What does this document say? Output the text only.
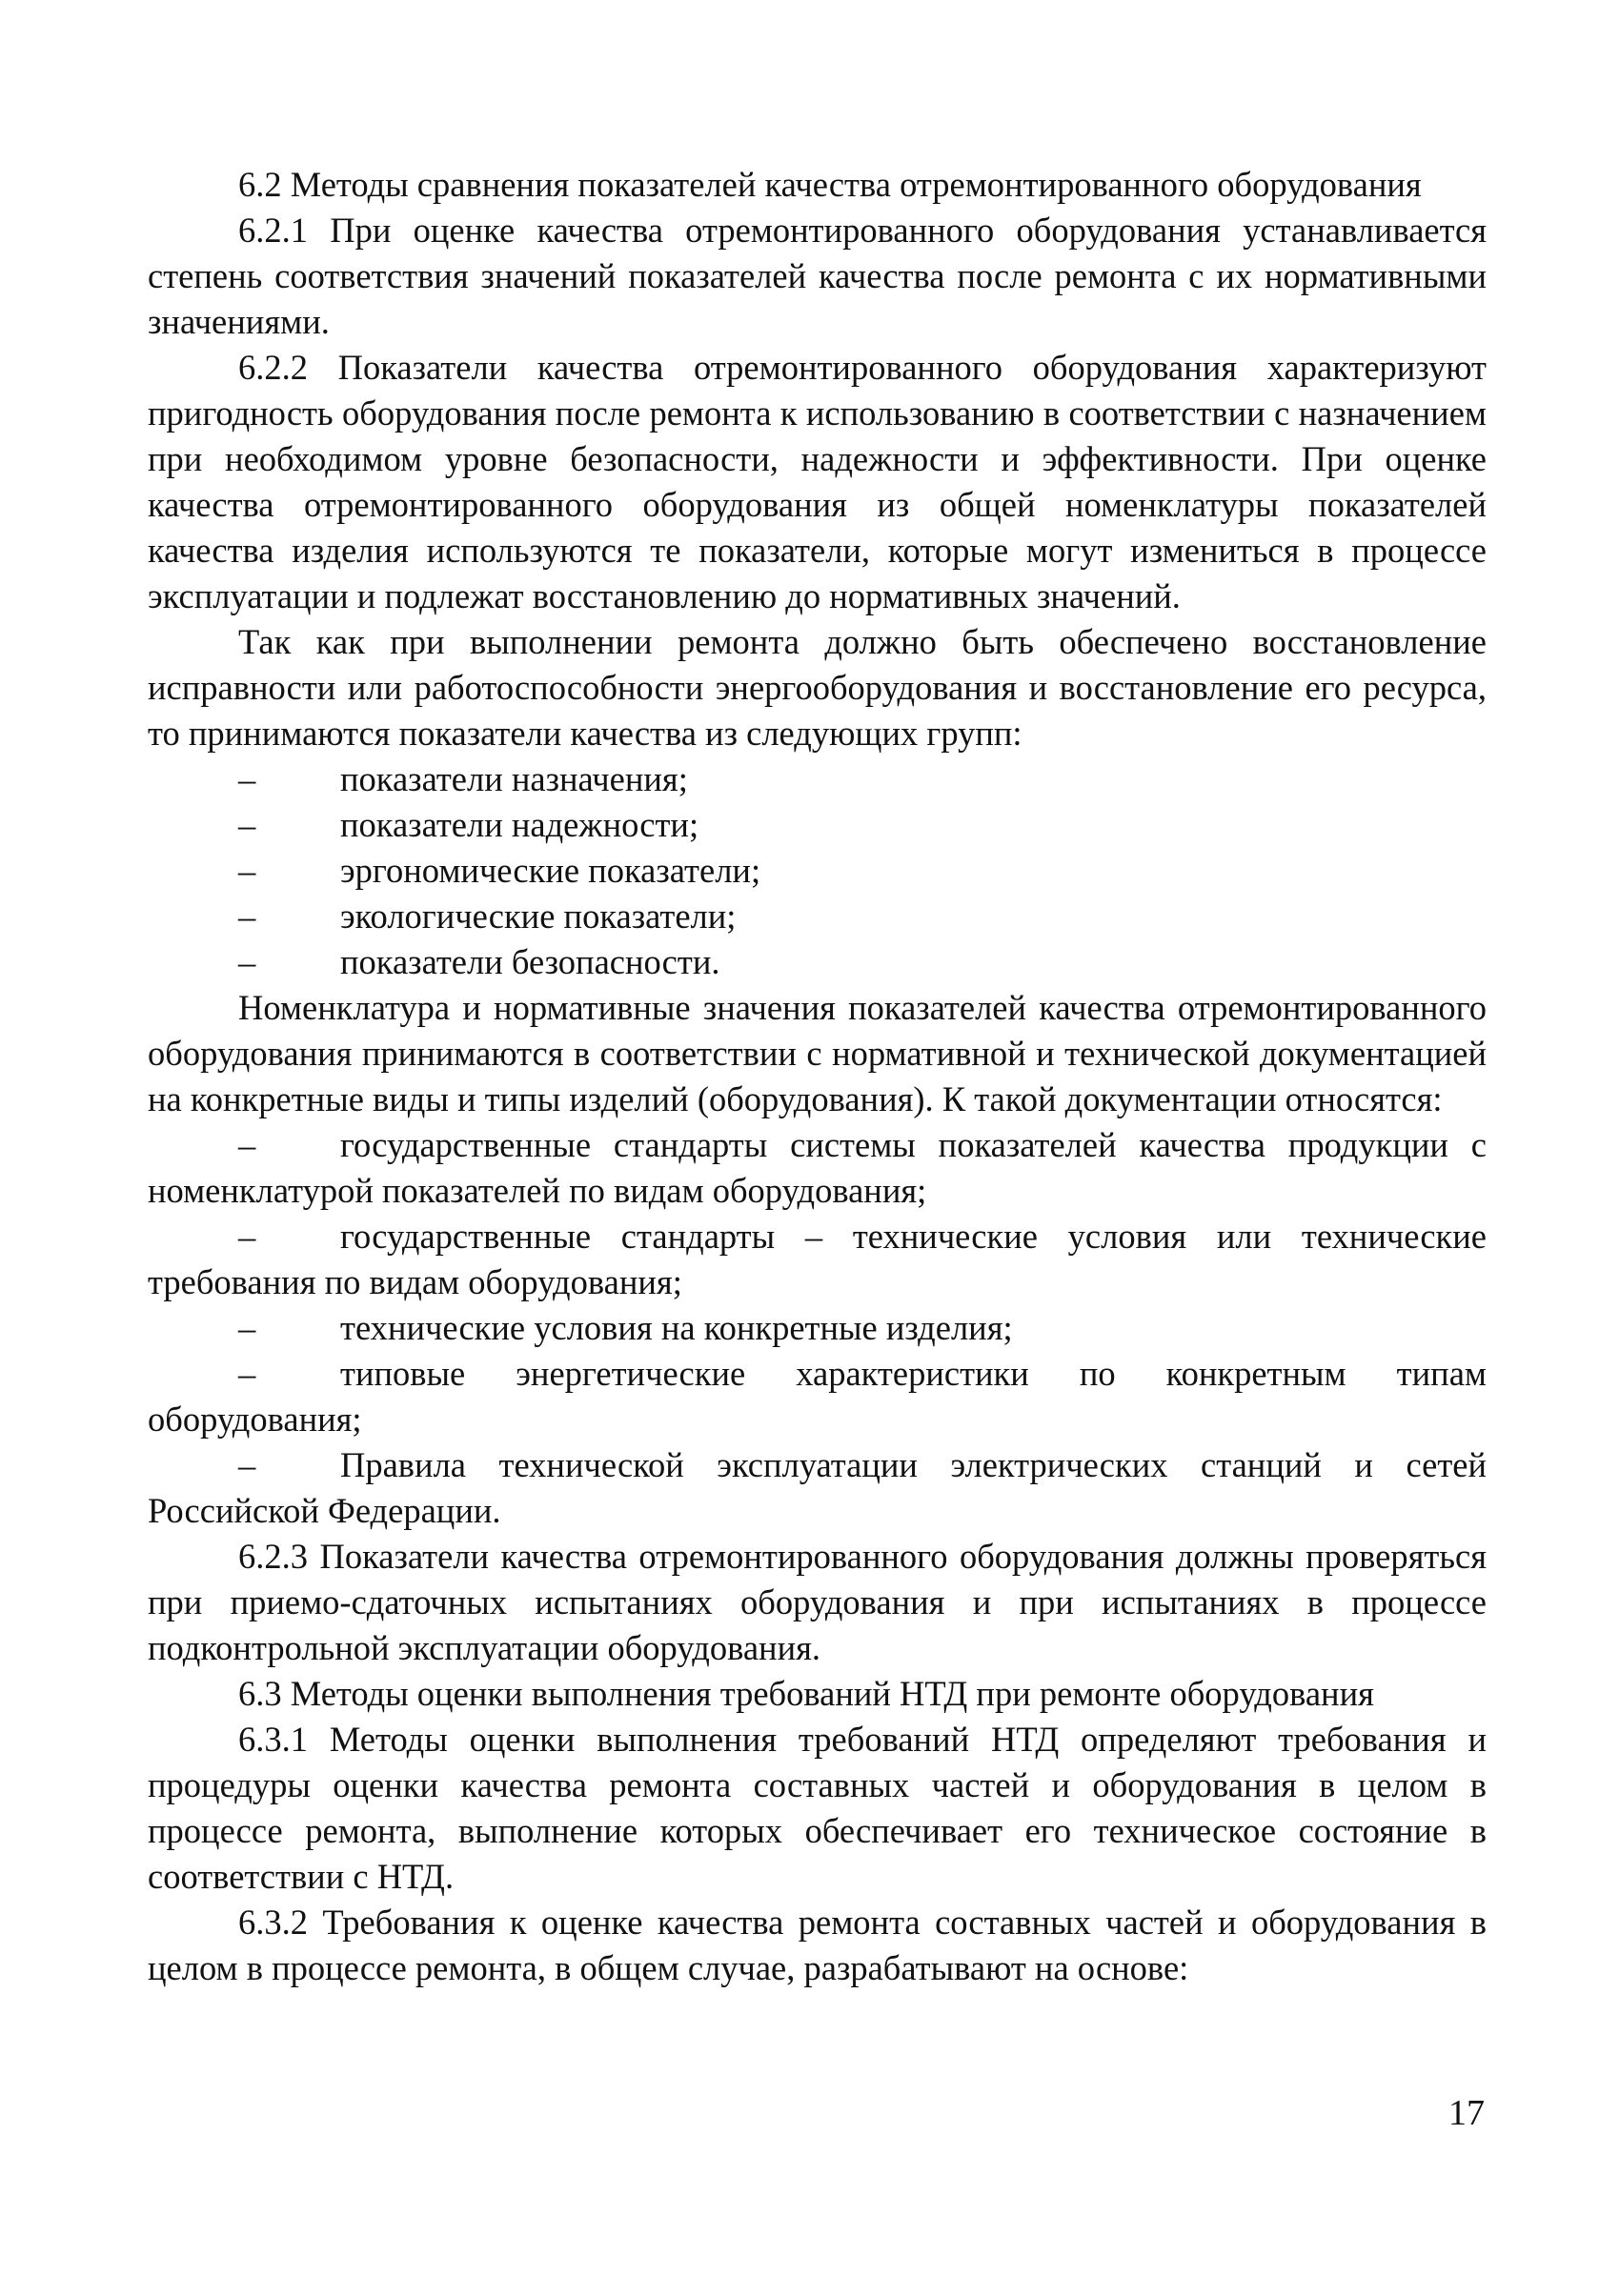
6.2 Методы сравнения показателей качества отремонтированного оборудования

6.2.1 При оценке качества отремонтированного оборудования устанавливается степень соответствия значений показателей качества после ремонта с их нормативными значениями.

6.2.2 Показатели качества отремонтированного оборудования характеризуют пригодность оборудования после ремонта к использованию в соответствии с назначением при необходимом уровне безопасности, надежности и эффективности. При оценке качества отремонтированного оборудования из общей номенклатуры показателей качества изделия используются те показатели, которые могут измениться в процессе эксплуатации и подлежат восстановлению до нормативных значений.

Так как при выполнении ремонта должно быть обеспечено восстановление исправности или работоспособности энергооборудования и восстановление его ресурса, то принимаются показатели качества из следующих групп:

– показатели назначения;

– показатели надежности;

– эргономические показатели;

– экологические показатели;

– показатели безопасности.

Номенклатура и нормативные значения показателей качества отремонтированного оборудования принимаются в соответствии с нормативной и технической документацией на конкретные виды и типы изделий (оборудования). К такой документации относятся:

– государственные стандарты системы показателей качества продукции с номенклатурой показателей по видам оборудования;

– государственные стандарты – технические условия или технические требования по видам оборудования;

– технические условия на конкретные изделия;

– типовые энергетические характеристики по конкретным типам оборудования;

– Правила технической эксплуатации электрических станций и сетей Российской Федерации.

6.2.3 Показатели качества отремонтированного оборудования должны проверяться при приемо-сдаточных испытаниях оборудования и при испытаниях в процессе подконтрольной эксплуатации оборудования.

6.3 Методы оценки выполнения требований НТД при ремонте оборудования

6.3.1 Методы оценки выполнения требований НТД определяют требования и процедуры оценки качества ремонта составных частей и оборудования в целом в процессе ремонта, выполнение которых обеспечивает его техническое состояние в соответствии с НТД.

6.3.2 Требования к оценке качества ремонта составных частей и оборудования в целом в процессе ремонта, в общем случае, разрабатывают на основе:

17
